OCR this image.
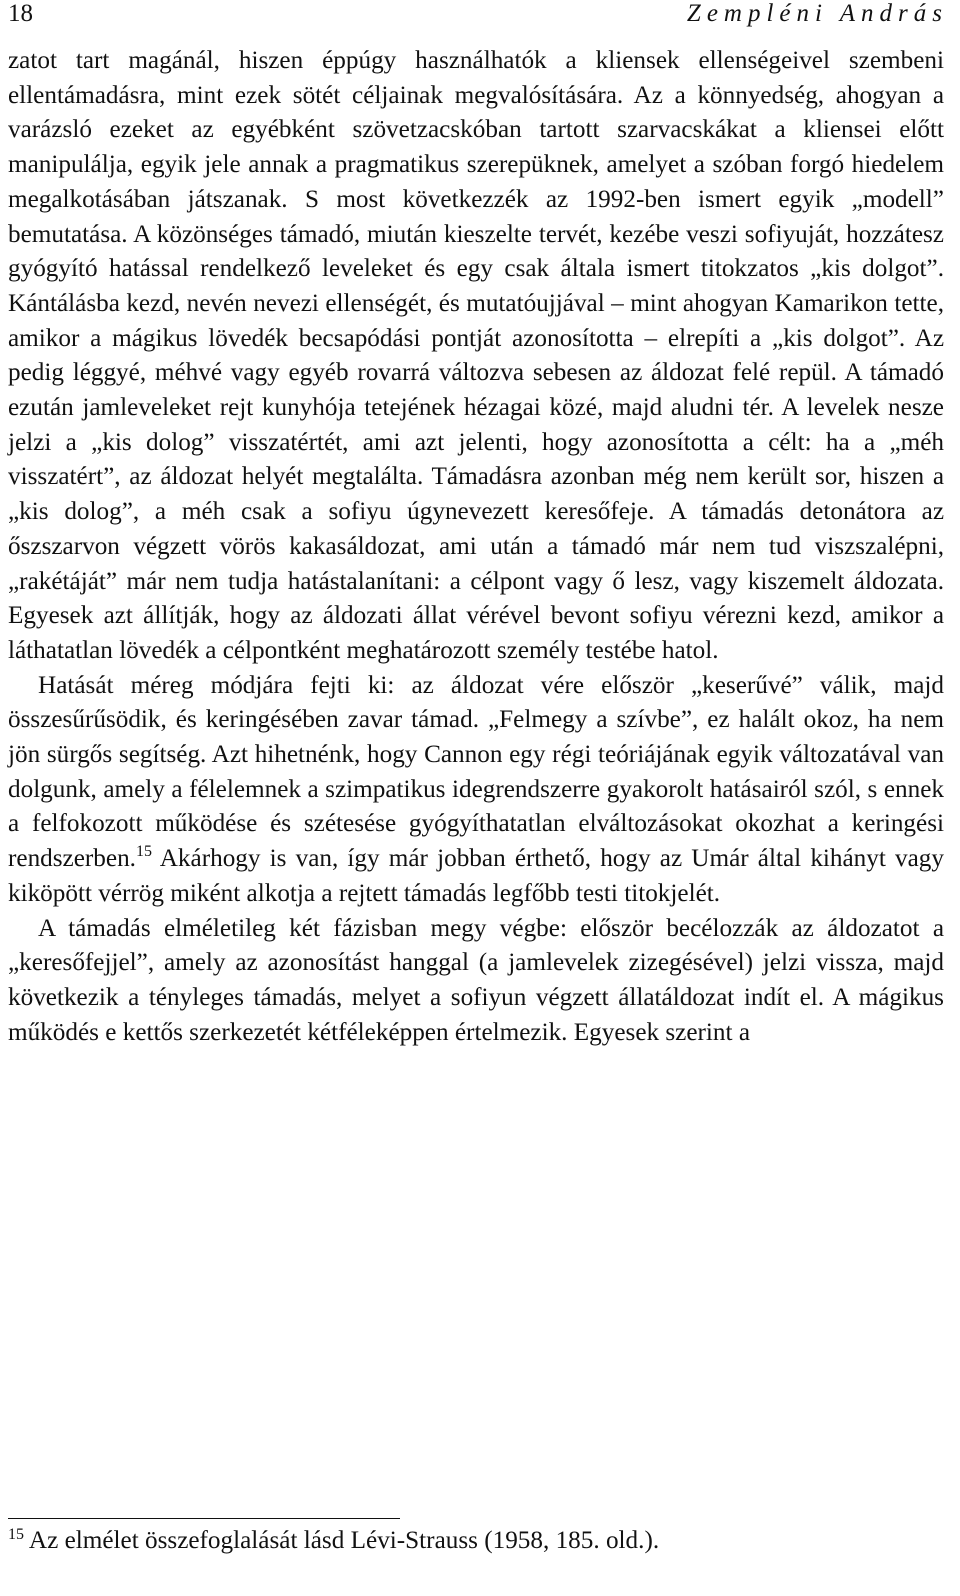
18	Zempléni András

zatot tart magánál, hiszen éppúgy használhatók a kliensek ellenségeivel szembeni ellentámadásra, mint ezek sötét céljainak megvalósítására. Az a könnyedség, ahogyan a varázsló ezeket az egyébként szövetzacskóban tartott szarvacskákat a kliensei előtt manipulálja, egyik jele annak a pragmatikus szerepüknek, amelyet a szóban forgó hiedelem megalkotásában játszanak. S most következzék az 1992-ben ismert egyik „modell” bemutatása. A közönséges támadó, miután kieszelte tervét, kezébe veszi sofiyuját, hozzátesz gyógyító hatással rendelkező leveleket és egy csak általa ismert titokzatos „kis dolgot”. Kántálásba kezd, nevén nevezi ellenségét, és mutatóujjával – mint ahogyan Kamarikon tette, amikor a mágikus lövedék becsapódási pontját azonosította – elrepíti a „kis dolgot”. Az pedig léggyé, méhvé vagy egyéb rovarrá változva sebesen az áldozat felé repül. A támadó ezután jamleveleket rejt kunyhója tetejének hézagai közé, majd aludni tér. A levelek nesze jelzi a „kis dolog” visszatértét, ami azt jelenti, hogy azonosította a célt: ha a „méh visszatért”, az áldozat helyét megtalálta. Támadásra azonban még nem került sor, hiszen a „kis dolog”, a méh csak a sofiyu úgynevezett keresőfeje. A támadás detonátora az őszszarvon végzett vörös kakasáldozat, ami után a támadó már nem tud viszszalépni, „rakétáját” már nem tudja hatástalanítani: a célpont vagy ő lesz, vagy kiszemelt áldozata. Egyesek azt állítják, hogy az áldozati állat vérével bevont sofiyu vérezni kezd, amikor a láthatatlan lövedék a célpontként meghatározott személy testébe hatol.

Hatását méreg módjára fejti ki: az áldozat vére először „keserűvé” válik, majd összesűrűsödik, és keringésében zavar támad. „Felmegy a szívbe”, ez halált okoz, ha nem jön sürgős segítség. Azt hihetnénk, hogy Cannon egy régi teóriájának egyik változatával van dolgunk, amely a félelemnek a szimpatikus idegrendszerre gyakorolt hatásairól szól, s ennek a felfokozott működése és szétesése gyógyíthatatlan elváltozásokat okozhat a keringési rendszerben.$^{15}$ Akárhogy is van, így már jobban érthető, hogy az Umár által kihányt vagy kiköpött vérrög miként alkotja a rejtett támadás legfőbb testi titokjelét.

A támadás elméletileg két fázisban megy végbe: először becélozzák az áldozatot a „keresőfejjel”, amely az azonosítást hanggal (a jamlevelek zizegésével) jelzi vissza, majd következik a tényleges támadás, melyet a sofiyun végzett állatáldozat indít el. A mágikus működés e kettős szerkezetét kétféleképpen értelmezik. Egyesek szerint a

$^{15}$ Az elmélet összefoglalását lásd Lévi-Strauss (1958, 185. old.).
